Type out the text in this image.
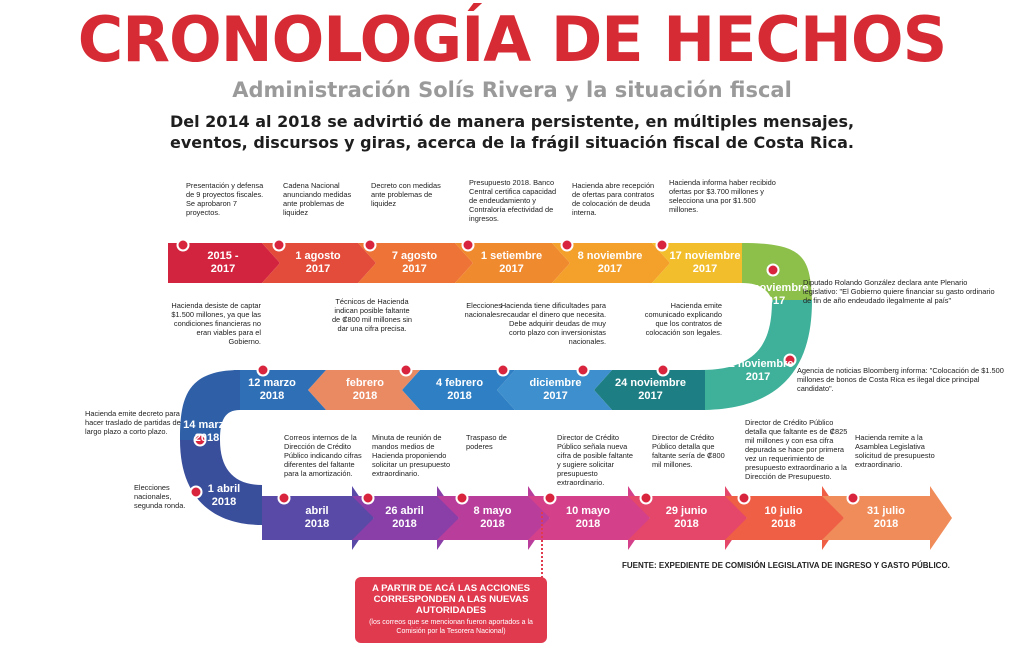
CRONOLOGÍA DE HECHOS
Administración Solís Rivera y la situación fiscal
Del 2014 al 2018 se advirtió de manera persistente, en múltiples mensajes, eventos, discursos y giras, acerca de la frágil situación fiscal de Costa Rica.
2015 -
2017
1 agosto
2017
7 agosto
2017
1 setiembre
2017
8 noviembre
2017
17 noviembre
2017
20 noviembre
2017
21 noviembre
2017
24 noviembre
2017
diciembre
2017
4 febrero
2018
febrero
2018
12 marzo
2018
14 marzo
2018
1 abril
2018
abril
2018
26 abril
2018
8 mayo
2018
10 mayo
2018
29 junio
2018
10 julio
2018
31 julio
2018
Presentación y defensa de 9 proyectos fiscales. Se aprobaron 7 proyectos.
Cadena Nacional anunciando medidas ante problemas de liquidez
Decreto con medidas ante problemas de liquidez
Presupuesto 2018. Banco Central certifica capacidad de endeudamiento y Contraloría efectividad de ingresos.
Hacienda abre recepción de ofertas para contratos de colocación de deuda interna.
Hacienda informa haber recibido ofertas por $3.700 millones y selecciona una por $1.500 millones.
Diputado Rolando González declara ante Plenario legislativo: "El Gobierno quiere financiar su gasto ordinario de fin de año endeudado ilegalmente al país"
Agencia de noticias Bloomberg informa: "Colocación de $1.500 millones de bonos de Costa Rica es ilegal dice principal candidato".
Hacienda emite comunicado explicando que los contratos de colocación son legales.
Hacienda tiene dificultades para recaudar el dinero que necesita. Debe adquirir deudas de muy corto plazo con inversionistas nacionales.
Elecciones nacionales.
Técnicos de Hacienda indican posible faltante de ₡800 mil millones sin dar una cifra precisa.
Hacienda desiste de captar $1.500 millones, ya que las condiciones financieras no eran viables para el Gobierno.
Hacienda emite decreto para hacer traslado de partidas de largo plazo a corto plazo.
Elecciones nacionales, segunda ronda.
Correos internos de la Dirección de Crédito Público indicando cifras diferentes del faltante para la amortización.
Minuta de reunión de mandos medios de Hacienda proponiendo solicitar un presupuesto extraordinario.
Traspaso de poderes
Director de Crédito Público señala nueva cifra de posible faltante y sugiere solicitar presupuesto extraordinario.
Director de Crédito Público detalla que faltante sería de ₡800 mil millones.
Director de Crédito Público detalla que faltante es de ₡825 mil millones y con esa cifra depurada se hace por primera vez un requerimiento de presupuesto extraordinario a la Dirección de Presupuesto.
Hacienda remite a la Asamblea Legislativa solicitud de presupuesto extraordinario.
FUENTE: EXPEDIENTE DE COMISIÓN LEGISLATIVA DE INGRESO Y GASTO PÚBLICO.
A PARTIR DE ACÁ LAS ACCIONES CORRESPONDEN A LAS NUEVAS AUTORIDADES
(los correos que se mencionan fueron aportados a la Comisión por la Tesorera Nacional)
